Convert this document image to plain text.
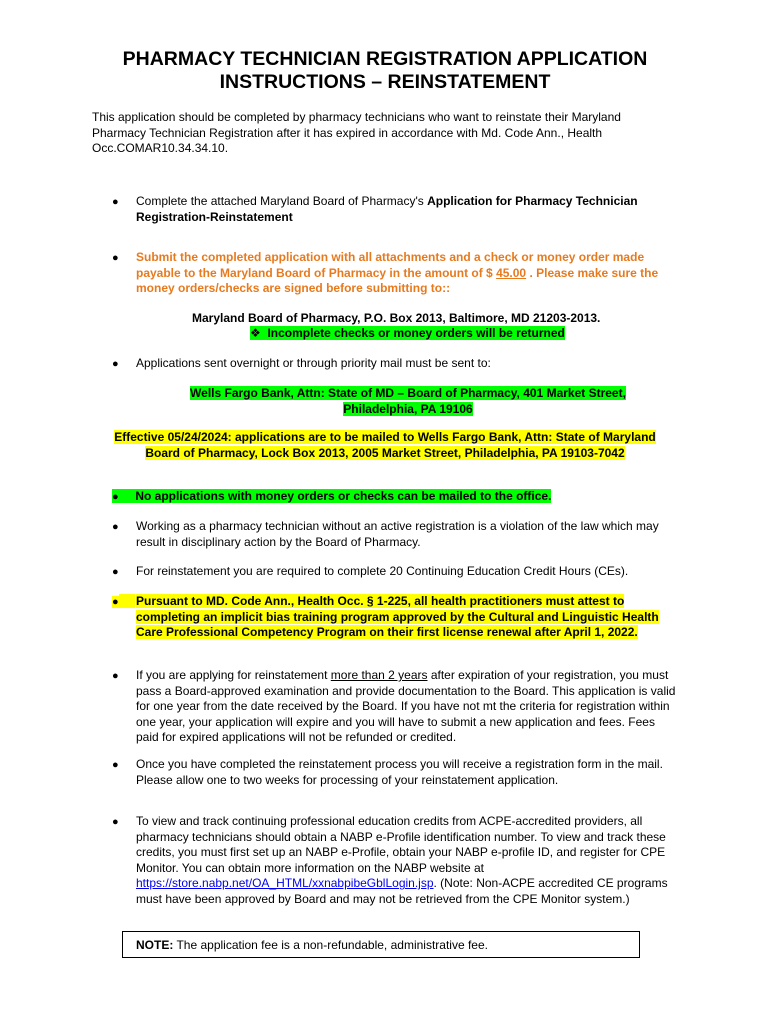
PHARMACY TECHNICIAN REGISTRATION APPLICATION
INSTRUCTIONS – REINSTATEMENT
This application should be completed by pharmacy technicians who want to reinstate their Maryland Pharmacy Technician Registration after it has expired in accordance with Md. Code Ann., Health Occ.COMAR10.34.34.10.
● Complete the attached Maryland Board of Pharmacy's Application for Pharmacy Technician Registration-Reinstatement
● Submit the completed application with all attachments and a check or money order made payable to the Maryland Board of Pharmacy in the amount of $ 45.00 . Please make sure the money orders/checks are signed before submitting to::
Maryland Board of Pharmacy, P.O. Box 2013, Baltimore, MD 21203-2013.
❖ Incomplete checks or money orders will be returned
● Applications sent overnight or through priority mail must be sent to:
Wells Fargo Bank, Attn: State of MD – Board of Pharmacy, 401 Market Street,
Philadelphia, PA 19106
Effective 05/24/2024: applications are to be mailed to Wells Fargo Bank, Attn: State of Maryland
Board of Pharmacy, Lock Box 2013, 2005 Market Street, Philadelphia, PA 19103-7042
● No applications with money orders or checks can be mailed to the office.
● Working as a pharmacy technician without an active registration is a violation of the law which may result in disciplinary action by the Board of Pharmacy.
● For reinstatement you are required to complete 20 Continuing Education Credit Hours (CEs).
●	Pursuant to MD. Code Ann., Health Occ. § 1-225, all health practitioners must attest to completing an implicit bias training program approved by the Cultural and Linguistic Health Care Professional Competency Program on their first license renewal after April 1, 2022.
● If you are applying for reinstatement more than 2 years after expiration of your registration, you must pass a Board-approved examination and provide documentation to the Board. This application is valid for one year from the date received by the Board. If you have not mt the criteria for registration within one year, your application will expire and you will have to submit a new application and fees. Fees paid for expired applications will not be refunded or credited.
● Once you have completed the reinstatement process you will receive a registration form in the mail. Please allow one to two weeks for processing of your reinstatement application.
● To view and track continuing professional education credits from ACPE-accredited providers, all pharmacy technicians should obtain a NABP e-Profile identification number. To view and track these credits, you must first set up an NABP e-Profile, obtain your NABP e-profile ID, and register for CPE Monitor. You can obtain more information on the NABP website at https://store.nabp.net/OA_HTML/xxnabpibeGblLogin.jsp. (Note: Non-ACPE accredited CE programs must have been approved by Board and may not be retrieved from the CPE Monitor system.)
NOTE: The application fee is a non-refundable, administrative fee.
